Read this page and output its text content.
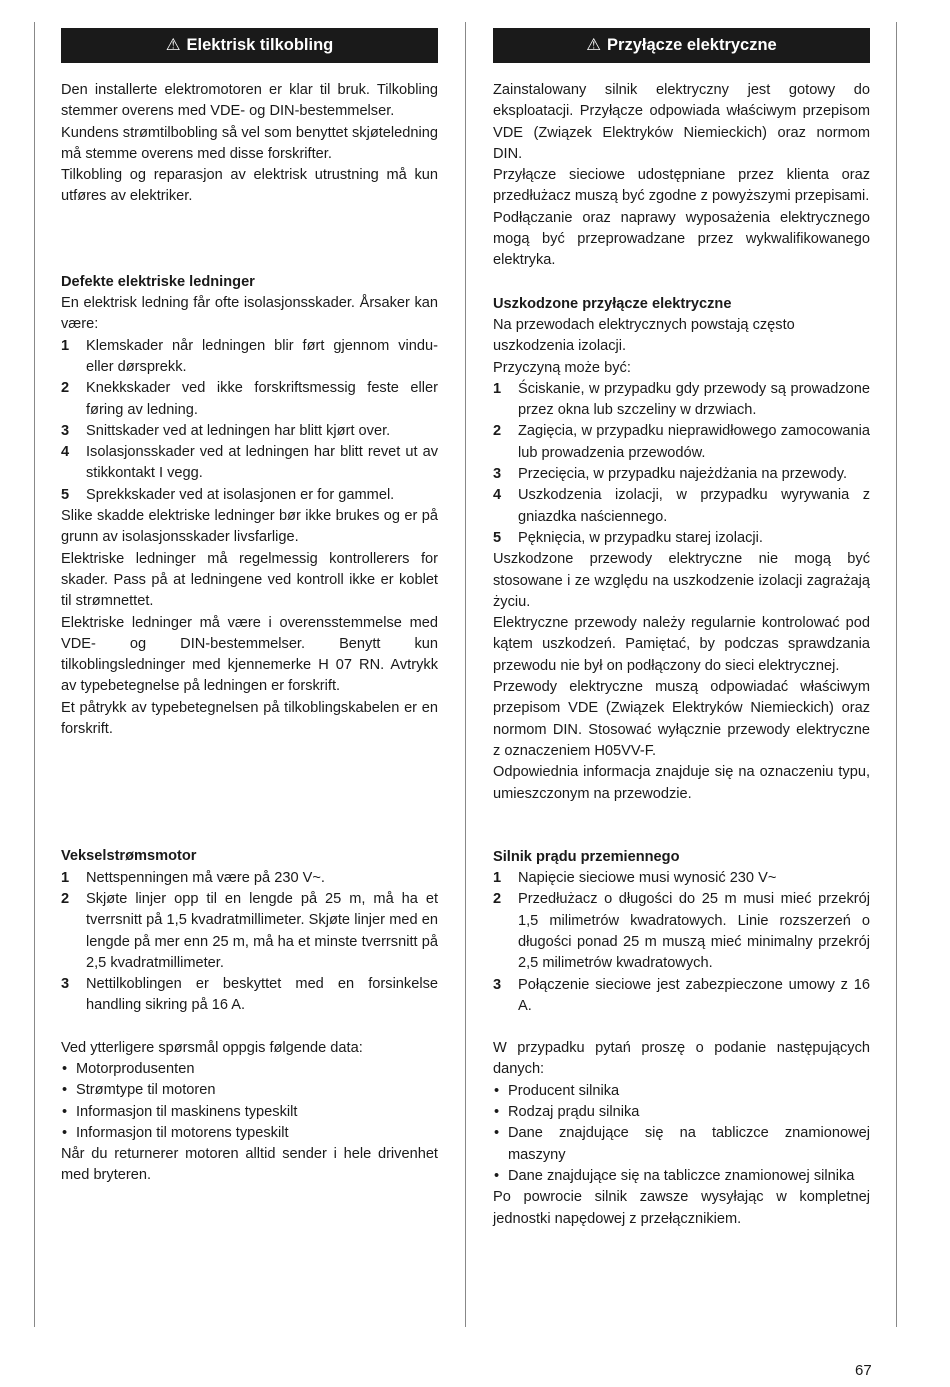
⚠ Elektrisk tilkobling

Den installerte elektromotoren er klar til bruk. Tilkobling stemmer overens med VDE- og DIN-bestemmelser.

Kundens strømtilbobling så vel som benyttet skjøteledning må stemme overens med disse forskrifter.

Tilkobling og reparasjon av elektrisk utrustning må kun utføres av elektriker.

Defekte elektriske ledninger

En elektrisk ledning får ofte isolasjonsskader. Årsaker kan være:

1 Klemskader når ledningen blir ført gjennom vindu- eller dørsprekk.
2 Knekkskader ved ikke forskriftsmessig feste eller føring av ledning.
3 Snittskader ved at ledningen har blitt kjørt over.
4 Isolasjonsskader ved at ledningen har blitt revet ut av stikkontakt I vegg.
5 Sprekkskader ved at isolasjonen er for gammel.

Slike skadde elektriske ledninger bør ikke brukes og er på grunn av isolasjonsskader livsfarlige.

Elektriske ledninger må regelmessig kontrollerers for skader. Pass på at ledningene ved kontroll ikke er koblet til strømnettet.

Elektriske ledninger må være i overensstemmelse med VDE- og DIN-bestemmelser. Benytt kun tilkoblingsledninger med kjennemerke H 07 RN. Avtrykk av typebetegnelse på ledningen er forskrift.

Et påtrykk av typebetegnelsen på tilkoblingskabelen er en forskrift.

Vekselstrømsmotor
1 Nettspenningen må være på 230 V~.
2 Skjøte linjer opp til en lengde på 25 m, må ha et tverrsnitt på 1,5 kvadratmillimeter. Skjøte linjer med en lengde på mer enn 25 m, må ha et minste tverrsnitt på 2,5 kvadratmillimeter.
3 Nettilkoblingen er beskyttet med en forsinkelse handling sikring på 16 A.

Ved ytterligere spørsmål oppgis følgende data:

• Motorprodusenten
• Strømtype til motoren
• Informasjon til maskinens typeskilt
• Informasjon til motorens typeskilt

Når du returnerer motoren alltid sender i hele drivenhet med bryteren.

⚠ Przyłącze elektryczne

Zainstalowany silnik elektryczny jest gotowy do eksploatacji. Przyłącze odpowiada właściwym przepisom VDE (Związek Elektryków Niemieckich) oraz normom DIN.

Przyłącze sieciowe udostępniane przez klienta oraz przedłużacz muszą być zgodne z powyższymi przepisami.

Podłączanie oraz naprawy wyposażenia elektrycznego mogą być przeprowadzane przez wykwalifikowanego elektryka.

Uszkodzone przyłącze elektryczne

Na przewodach elektrycznych powstają często uszkodzenia izolacji.

Przyczyną może być:

1 Ściskanie, w przypadku gdy przewody są prowadzone przez okna lub szczeliny w drzwiach.
2 Zagięcia, w przypadku nieprawidłowego zamocowania lub prowadzenia przewodów.
3 Przecięcia, w przypadku najeżdżania na przewody.
4 Uszkodzenia izolacji, w przypadku wyrywania z gniazdka naściennego.
5 Pęknięcia, w przypadku starej izolacji.

Uszkodzone przewody elektryczne nie mogą być stosowane i ze względu na uszkodzenie izolacji zagrażają życiu.

Elektryczne przewody należy regularnie kontrolować pod kątem uszkodzeń. Pamiętać, by podczas sprawdzania przewodu nie był on podłączony do sieci elektrycznej.

Przewody elektryczne muszą odpowiadać właściwym przepisom VDE (Związek Elektryków Niemieckich) oraz normom DIN. Stosować wyłącznie przewody elektryczne z oznaczeniem H05VV-F.

Odpowiednia informacja znajduje się na oznaczeniu typu, umieszczonym na przewodzie.

Silnik prądu przemiennego
1 Napięcie sieciowe musi wynosić 230 V~
2 Przedłużacz o długości do 25 m musi mieć przekrój 1,5 milimetrów kwadratowych. Linie rozszerzeń o długości ponad 25 m muszą mieć minimalny przekrój 2,5 milimetrów kwadratowych.
3 Połączenie sieciowe jest zabezpieczone umowy z 16 A.

W przypadku pytań proszę o podanie następujących danych:

• Producent silnika
• Rodzaj prądu silnika
• Dane znajdujące się na tabliczce znamionowej maszyny
• Dane znajdujące się na tabliczce znamionowej silnika

Po powrocie silnik zawsze wysyłając w kompletnej jednostki napędowej z przełącznikiem.

67
